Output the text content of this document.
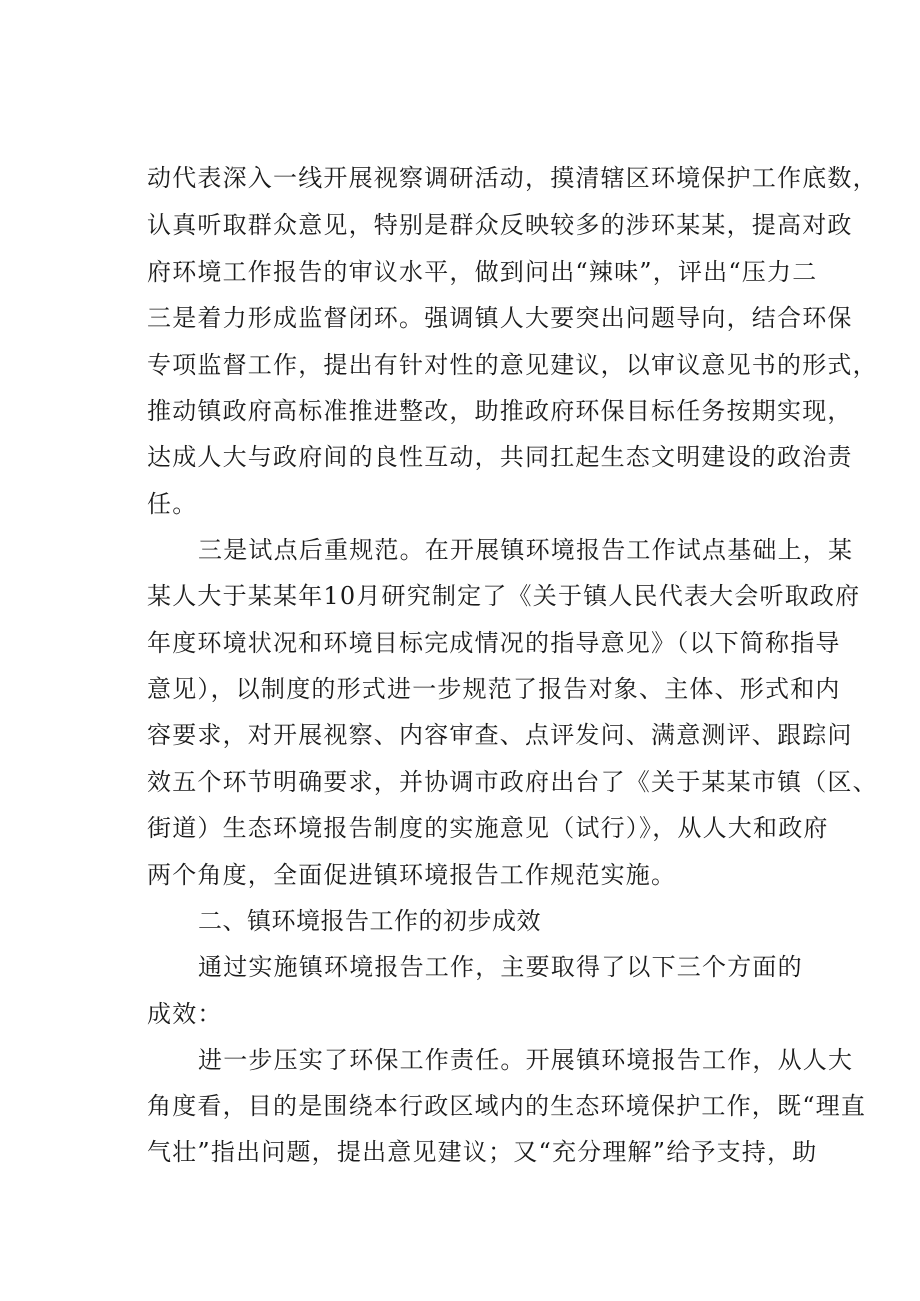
动代表深入一线开展视察调研活动，摸清辖区环境保护工作底数，
认真听取群众意见，特别是群众反映较多的涉环某某，提高对政
府环境工作报告的审议水平，做到问出“辣味”，评出“压力二
三是着力形成监督闭环。强调镇人大要突出问题导向，结合环保
专项监督工作，提出有针对性的意见建议，以审议意见书的形式，
推动镇政府高标准推进整改，助推政府环保目标任务按期实现，
达成人大与政府间的良性互动，共同扛起生态文明建设的政治责
任。
三是试点后重规范。在开展镇环境报告工作试点基础上，某
某人大于某某年10月研究制定了《关于镇人民代表大会听取政府
年度环境状况和环境目标完成情况的指导意见》（以下简称指导
意见），以制度的形式进一步规范了报告对象、主体、形式和内
容要求，对开展视察、内容审查、点评发问、满意测评、跟踪问
效五个环节明确要求，并协调市政府出台了《关于某某市镇（区、
街道）生态环境报告制度的实施意见（试行）》，从人大和政府
两个角度，全面促进镇环境报告工作规范实施。
二、镇环境报告工作的初步成效
通过实施镇环境报告工作，主要取得了以下三个方面的
成效：
进一步压实了环保工作责任。开展镇环境报告工作，从人大
角度看，目的是围绕本行政区域内的生态环境保护工作，既“理直
气壮”指出问题，提出意见建议；又“充分理解”给予支持，助
